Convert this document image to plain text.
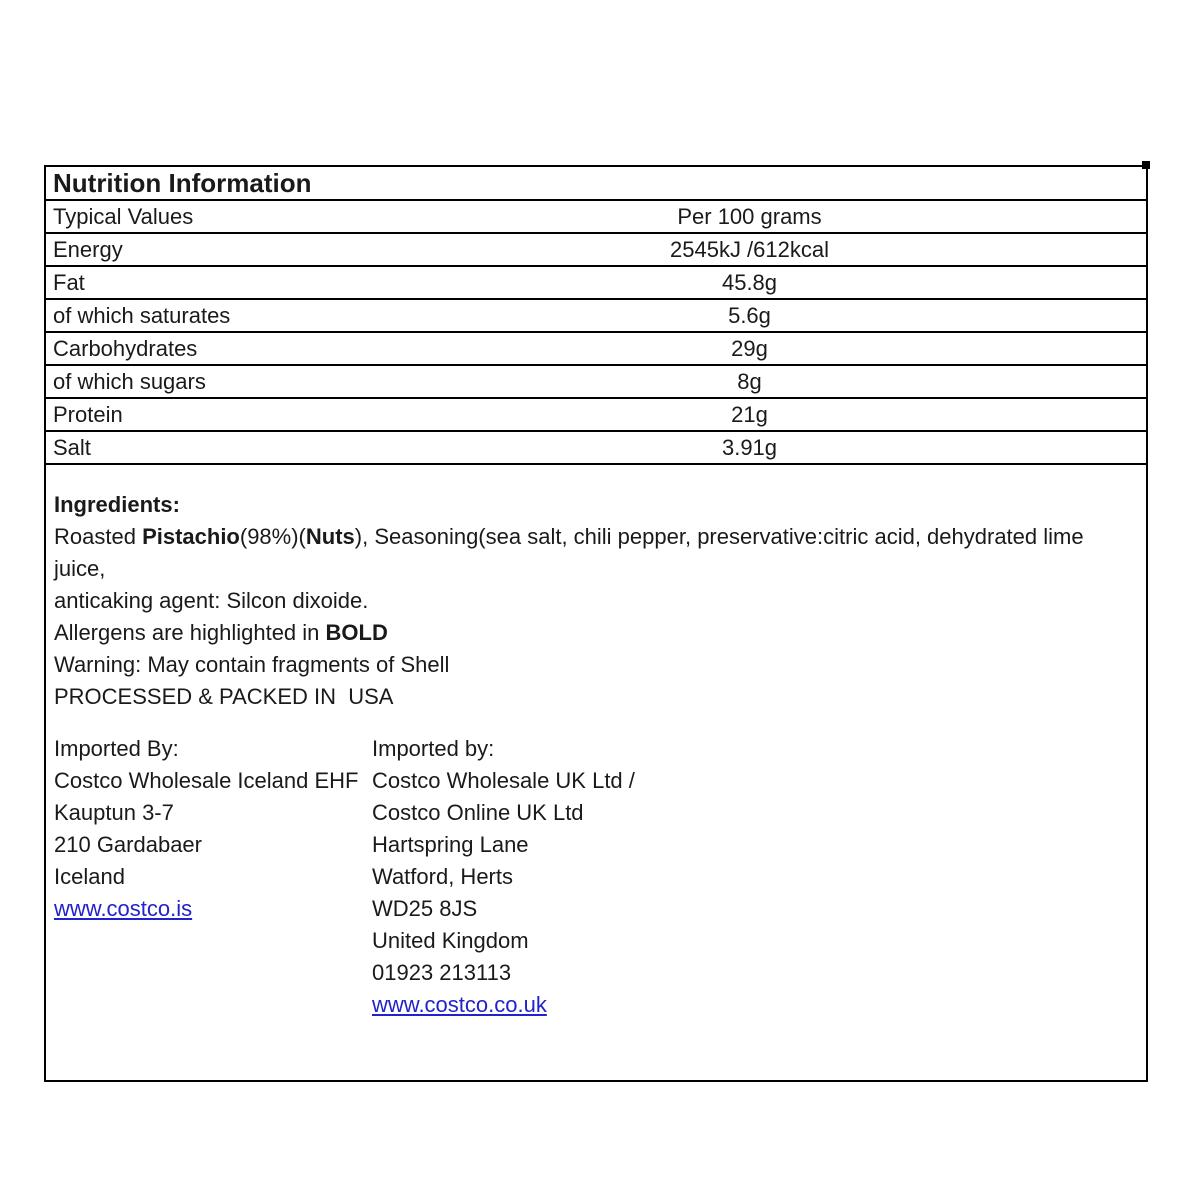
Nutrition Information
Typical Values	Per 100 grams
Energy	2545kJ /612kcal
Fat	45.8g
of which saturates	5.6g
Carbohydrates	29g
of which sugars	8g
Protein	21g
Salt	3.91g

Ingredients:

Roasted Pistachio(98%)(Nuts), Seasoning(sea salt, chili pepper, preservative:citric acid, dehydrated lime juice,
anticaking agent: Silcon dixoide.

Allergens are highlighted in BOLD

Warning: May contain fragments of Shell

PROCESSED & PACKED IN  USA

Imported By:
Costco Wholesale Iceland EHF
Kauptun 3-7
210 Gardabaer
Iceland
www.costco.is
Imported by:
Costco Wholesale UK Ltd /
Costco Online UK Ltd
Hartspring Lane
Watford, Herts
WD25 8JS
United Kingdom
01923 213113
www.costco.co.uk
